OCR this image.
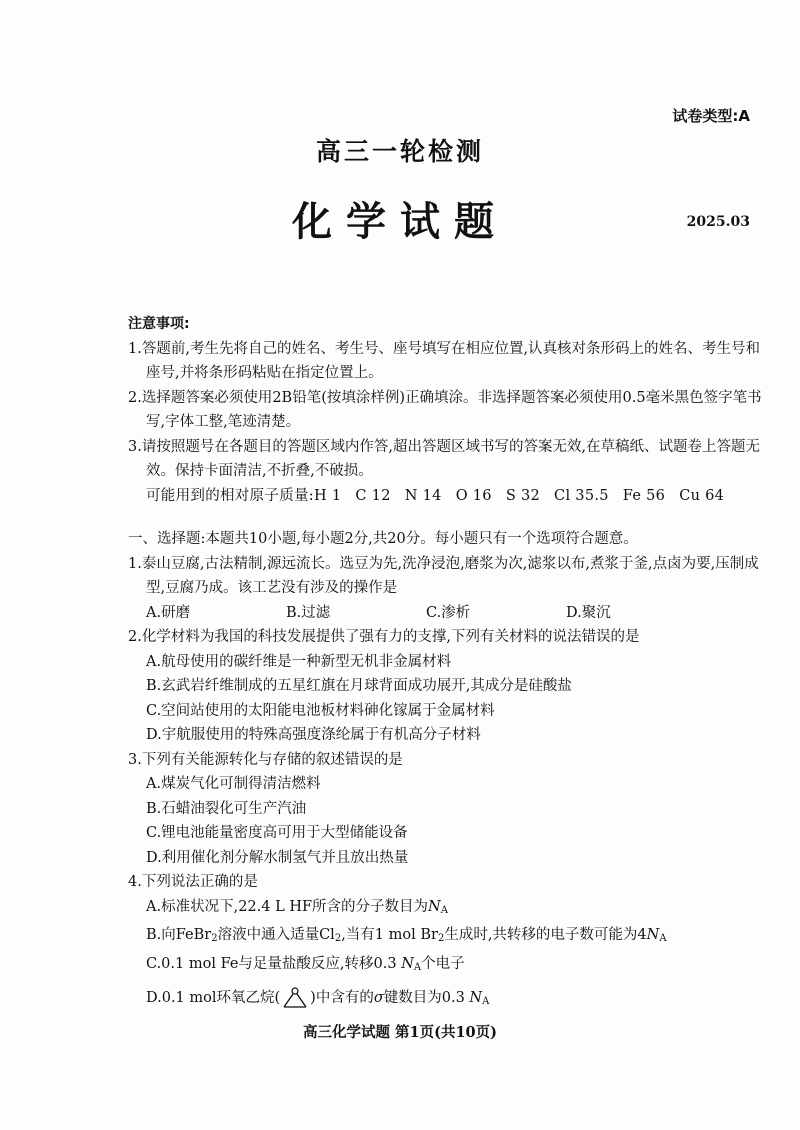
试卷类型:A
高三一轮检测
化学试题	2025.03
注意事项:
1.答题前,考生先将自己的姓名、考生号、座号填写在相应位置,认真核对条形码上的姓名、考生号和座号,并将条形码粘贴在指定位置上。
2.选择题答案必须使用2B铅笔(按填涂样例)正确填涂。非选择题答案必须使用0.5毫米黑色签字笔书写,字体工整,笔迹清楚。
3.请按照题号在各题目的答题区域内作答,超出答题区域书写的答案无效,在草稿纸、试题卷上答题无效。保持卡面清洁,不折叠,不破损。
可能用到的相对原子质量:H 1 C 12 N 14 O 16 S 32 Cl 35.5 Fe 56 Cu 64
一、选择题:本题共10小题,每小题2分,共20分。每小题只有一个选项符合题意。
1.泰山豆腐,古法精制,源远流长。选豆为先,洗净浸泡,磨浆为次,滤浆以布,煮浆于釜,点卤为要,压制成型,豆腐乃成。该工艺没有涉及的操作是
A.研磨	B.过滤	C.渗析	D.聚沉
2.化学材料为我国的科技发展提供了强有力的支撑,下列有关材料的说法错误的是
A.航母使用的碳纤维是一种新型无机非金属材料
B.玄武岩纤维制成的五星红旗在月球背面成功展开,其成分是硅酸盐
C.空间站使用的太阳能电池板材料砷化镓属于金属材料
D.宇航服使用的特殊高强度涤纶属于有机高分子材料
3.下列有关能源转化与存储的叙述错误的是
A.煤炭气化可制得清洁燃料
B.石蜡油裂化可生产汽油
C.锂电池能量密度高可用于大型储能设备
D.利用催化剂分解水制氢气并且放出热量
4.下列说法正确的是
A.标准状况下,22.4 L HF所含的分子数目为$N_A$
B.向FeBr$_2$溶液中通入适量$Cl_2$,当有1 mol $Br_2$生成时,共转移的电子数可能为$4N_A$
C.0.1 mol Fe与足量盐酸反应,转移0.3 $N_A$个电子
D.0.1 mol环氧乙烷( )中含有的σ键数目为0.3 $N_A$
高三化学试题 第1页(共10页)
